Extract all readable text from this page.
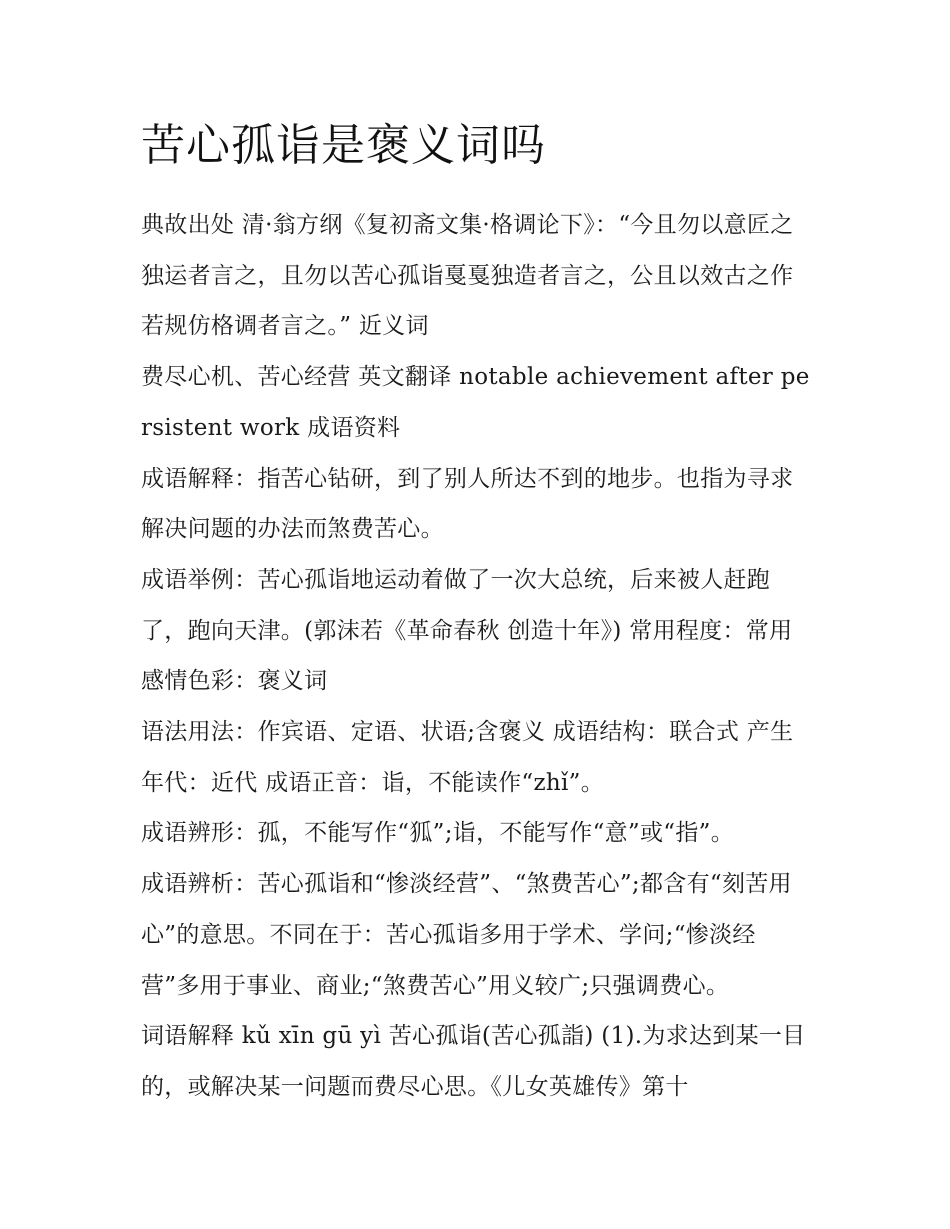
苦心孤诣是褒义词吗

典故出处 清·翁方纲《复初斋文集·格调论下》：“今且勿以意匠之独运者言之，且勿以苦心孤诣戛戛独造者言之，公且以效古之作若规仿格调者言之。” 近义词

费尽心机、苦心经营 英文翻译 notable achievement after persistent work 成语资料

成语解释：指苦心钻研，到了别人所达不到的地步。也指为寻求解决问题的办法而煞费苦心。

成语举例：苦心孤诣地运动着做了一次大总统，后来被人赶跑了，跑向天津。(郭沫若《革命春秋 创造十年》) 常用程度：常用 感情色彩：褒义词

语法用法：作宾语、定语、状语;含褒义 成语结构：联合式 产生年代：近代 成语正音：诣，不能读作“zhǐ”。

成语辨形：孤，不能写作“狐”;诣，不能写作“意”或“指”。

成语辨析：苦心孤诣和“惨淡经营”、“煞费苦心”;都含有“刻苦用心”的意思。不同在于：苦心孤诣多用于学术、学问;“惨淡经营”多用于事业、商业;“煞费苦心”用义较广;只强调费心。

词语解释 kǔ xīn gū yì 苦心孤诣(苦心孤詣) (1).为求达到某一目的，或解决某一问题而费尽心思。《儿女英雄传》第十
